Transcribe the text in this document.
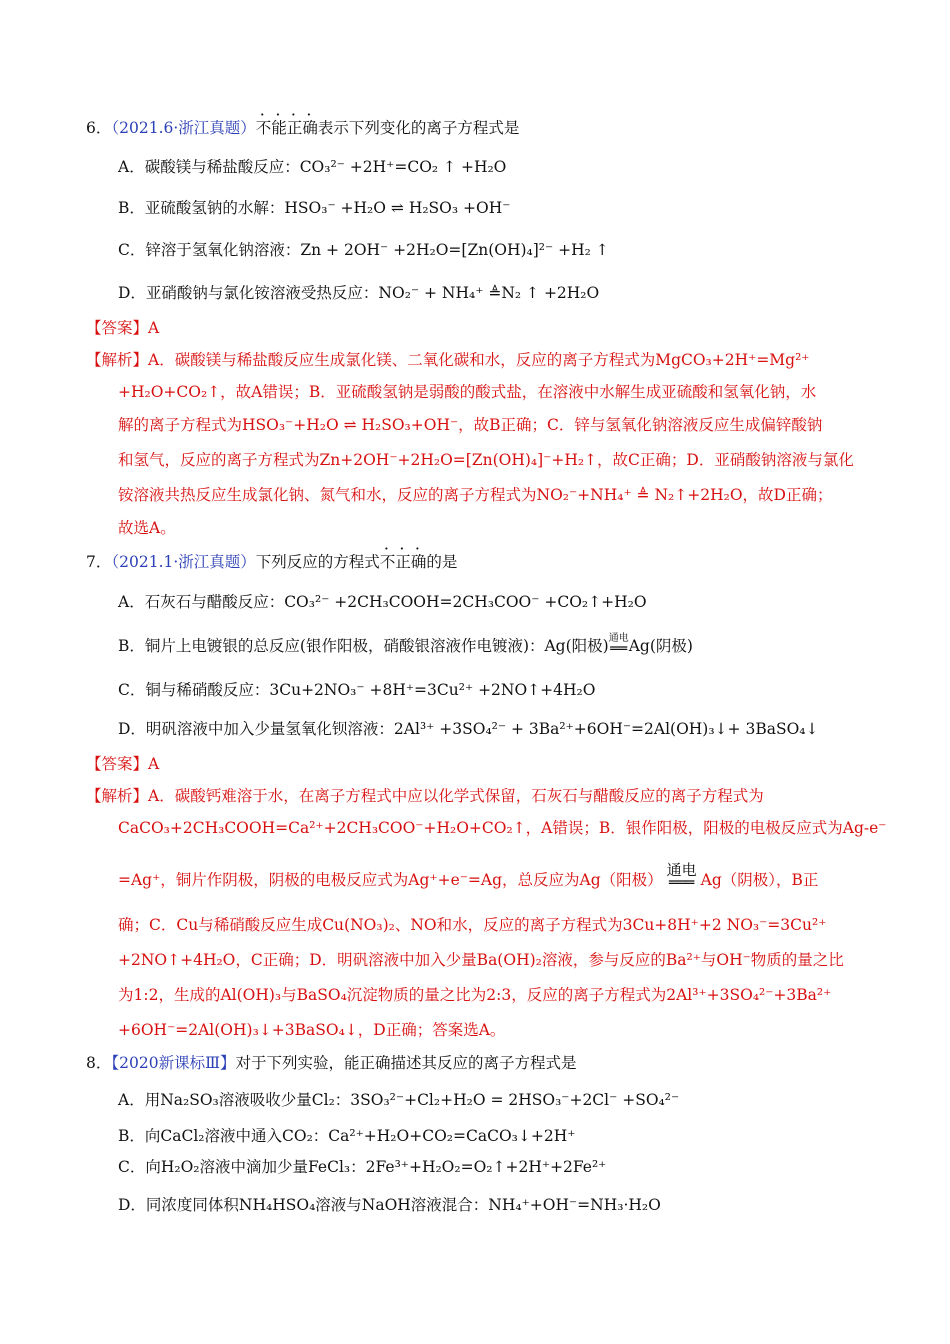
6．（2021.6·浙江真题）不能正确表示下列变化的离子方程式是
A．碳酸镁与稀盐酸反应：CO₃²⁻ +2H⁺=CO₂ ↑ +H₂O
B．亚硫酸氢钠的水解：HSO₃⁻ +H₂O ⇌ H₂SO₃ +OH⁻
C．锌溶于氢氧化钠溶液：Zn + 2OH⁻ +2H₂O=[Zn(OH)₄]²⁻ +H₂ ↑
D．亚硝酸钠与氯化铵溶液受热反应：NO₂⁻ + NH₄⁺ ≜N₂ ↑ +2H₂O
【答案】A
【解析】A．碳酸镁与稀盐酸反应生成氯化镁、二氧化碳和水，反应的离子方程式为MgCO₃+2H⁺=Mg²⁺
+H₂O+CO₂↑，故A错误；B．亚硫酸氢钠是弱酸的酸式盐，在溶液中水解生成亚硫酸和氢氧化钠，水
解的离子方程式为HSO₃⁻+H₂O ⇌ H₂SO₃+OH⁻，故B正确；C．锌与氢氧化钠溶液反应生成偏锌酸钠
和氢气，反应的离子方程式为Zn+2OH⁻+2H₂O=[Zn(OH)₄]⁻+H₂↑，故C正确；D．亚硝酸钠溶液与氯化
铵溶液共热反应生成氯化钠、氮气和水，反应的离子方程式为NO₂⁻+NH₄⁺ ≜ N₂↑+2H₂O，故D正确；
故选A。
7．（2021.1·浙江真题）下列反应的方程式不正确的是
A．石灰石与醋酸反应：CO₃²⁻ +2CH₃COOH=2CH₃COO⁻ +CO₂↑+H₂O
B．铜片上电镀银的总反应(银作阳极，硝酸银溶液作电镀液)：Ag(阳极) 通电
══ Ag(阴极)
C．铜与稀硝酸反应：3Cu+2NO₃⁻ +8H⁺=3Cu²⁺ +2NO↑+4H₂O
D．明矾溶液中加入少量氢氧化钡溶液：2Al³⁺ +3SO₄²⁻ + 3Ba²⁺+6OH⁻=2Al(OH)₃↓+ 3BaSO₄↓
【答案】A
【解析】A．碳酸钙难溶于水，在离子方程式中应以化学式保留，石灰石与醋酸反应的离子方程式为
CaCO₃+2CH₃COOH=Ca²⁺+2CH₃COO⁻+H₂O+CO₂↑，A错误；B．银作阳极，阳极的电极反应式为Ag-e⁻
=Ag⁺，铜片作阴极，阴极的电极反应式为Ag⁺+e⁻=Ag，总反应为Ag（阳极）
通电
═══ Ag（阴极），B正
确；C．Cu与稀硝酸反应生成Cu(NO₃)₂、NO和水，反应的离子方程式为3Cu+8H⁺+2 NO₃⁻=3Cu²⁺
+2NO↑+4H₂O，C正确；D．明矾溶液中加入少量Ba(OH)₂溶液，参与反应的Ba²⁺与OH⁻物质的量之比
为1:2，生成的Al(OH)₃与BaSO₄沉淀物质的量之比为2:3，反应的离子方程式为2Al³⁺+3SO₄²⁻+3Ba²⁺
+6OH⁻=2Al(OH)₃↓+3BaSO₄↓，D正确；答案选A。
8．【2020新课标Ⅲ】对于下列实验，能正确描述其反应的离子方程式是
A．用Na₂SO₃溶液吸收少量Cl₂：3SO₃²⁻+Cl₂+H₂O = 2HSO₃⁻+2Cl⁻ +SO₄²⁻
B．向CaCl₂溶液中通入CO₂：Ca²⁺+H₂O+CO₂=CaCO₃↓+2H⁺
C．向H₂O₂溶液中滴加少量FeCl₃：2Fe³⁺+H₂O₂=O₂↑+2H⁺+2Fe²⁺
D．同浓度同体积NH₄HSO₄溶液与NaOH溶液混合：NH₄⁺+OH⁻=NH₃·H₂O
